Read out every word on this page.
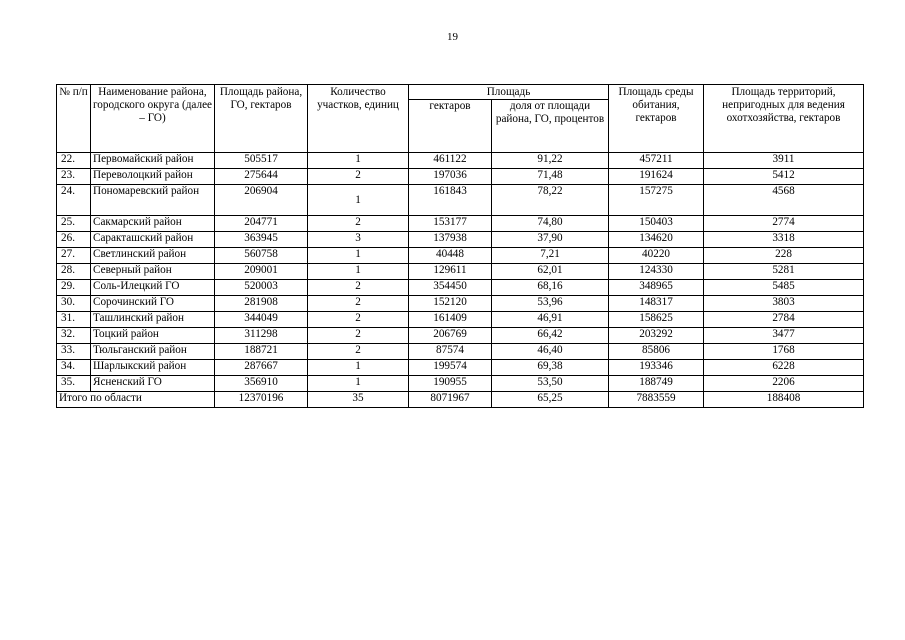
19
№ п/п	Наименование района, городского округа (далее – ГО)	Площадь района, ГО, гектаров	Количество участков, единиц	Площадь		Площадь среды обитания, гектаров	Площадь территорий, непригодных для ведения охотхозяйства, гектаров
				гектаров	доля от площади района, ГО, процентов		
22.	Первомайский район	505517	1	461122	91,22	457211	3911
23.	Переволоцкий район	275644	2	197036	71,48	191624	5412
24.	Пономаревский район	206904	1	161843	78,22	157275	4568
25.	Сакмарский район	204771	2	153177	74,80	150403	2774
26.	Саракташский район	363945	3	137938	37,90	134620	3318
27.	Светлинский район	560758	1	40448	7,21	40220	228
28.	Северный район	209001	1	129611	62,01	124330	5281
29.	Соль-Илецкий ГО	520003	2	354450	68,16	348965	5485
30.	Сорочинский ГО	281908	2	152120	53,96	148317	3803
31.	Ташлинский район	344049	2	161409	46,91	158625	2784
32.	Тоцкий район	311298	2	206769	66,42	203292	3477
33.	Тюльганский район	188721	2	87574	46,40	85806	1768
34.	Шарлыкский район	287667	1	199574	69,38	193346	6228
35.	Ясненский ГО	356910	1	190955	53,50	188749	2206
Итого по области		12370196	35	8071967	65,25	7883559	188408
